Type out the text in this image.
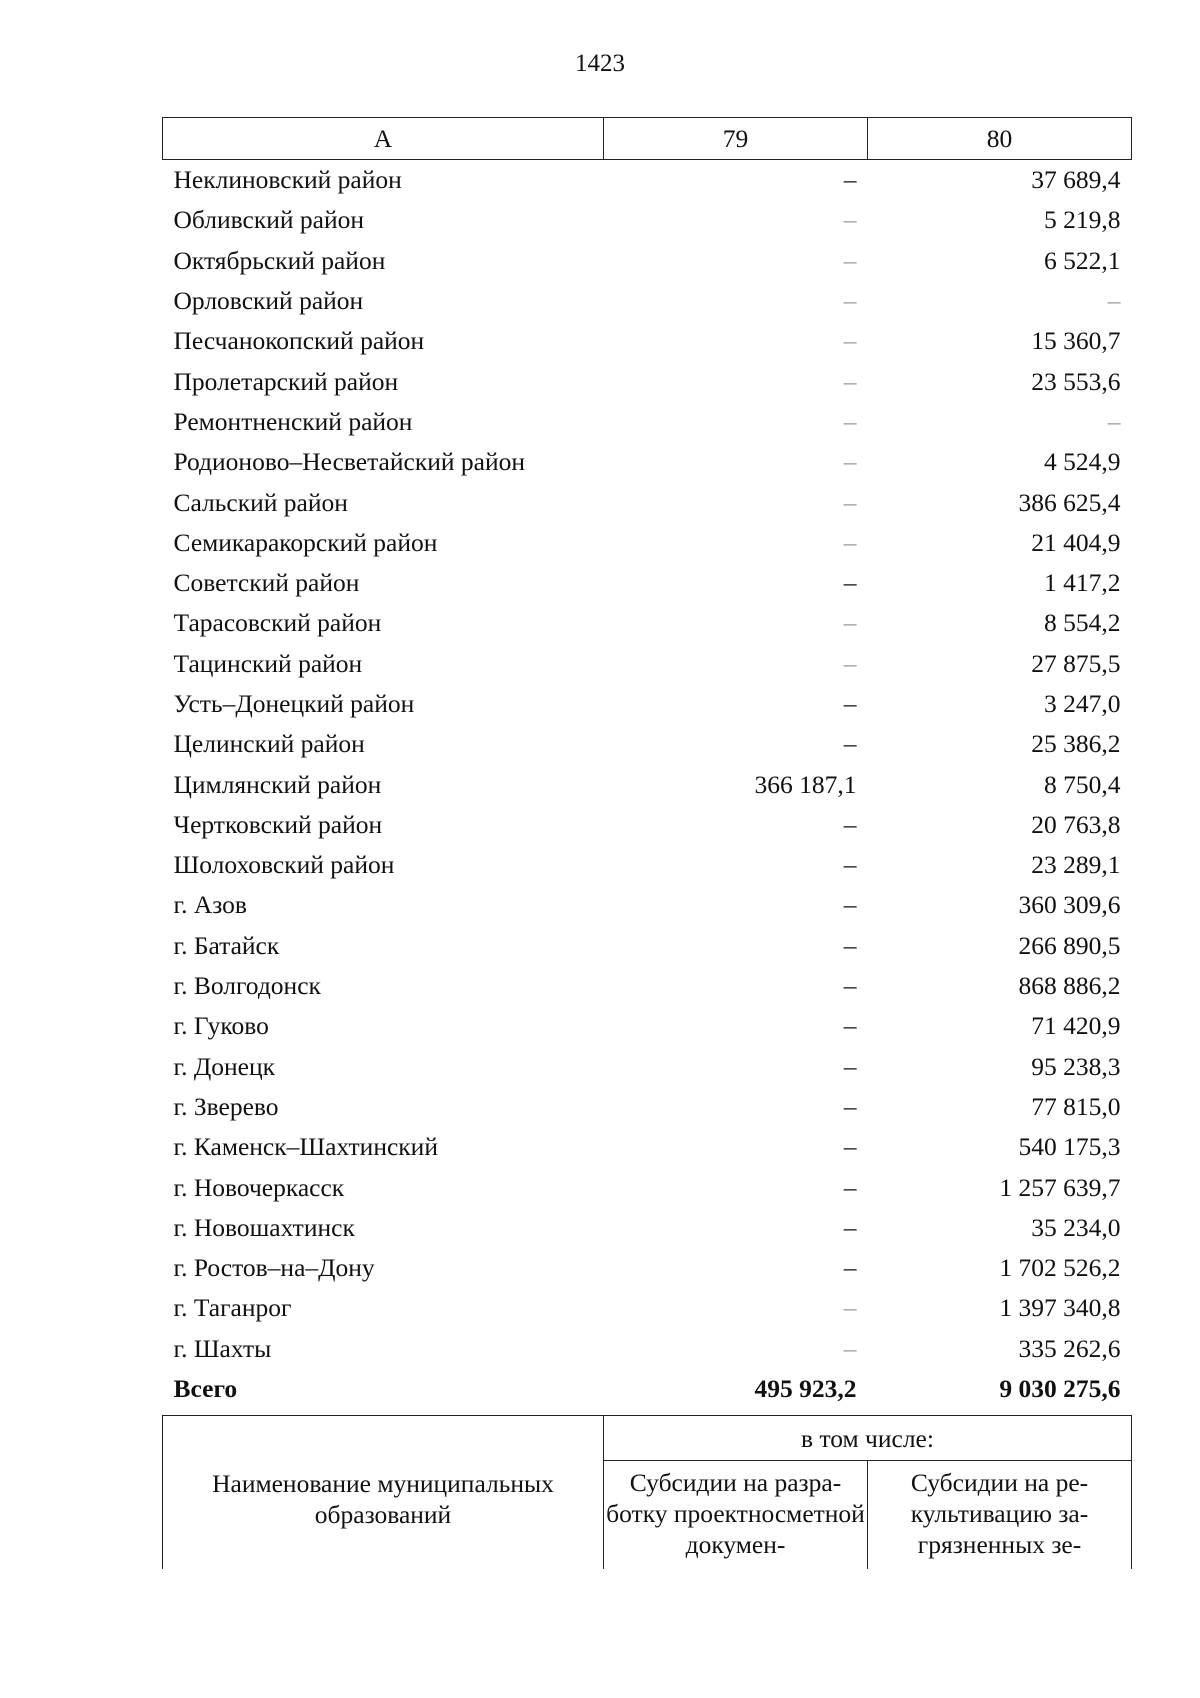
1423
А	79	80
Неклиновский район	–	37 689,4
Обливский район	–	5 219,8
Октябрьский район	–	6 522,1
Орловский район	–	–
Песчанокопский район	–	15 360,7
Пролетарский район	–	23 553,6
Ремонтненский район	–	–
Родионово–Несветайский район	–	4 524,9
Сальский район	–	386 625,4
Семикаракорский район	–	21 404,9
Советский район	–	1 417,2
Тарасовский район	–	8 554,2
Тацинский район	–	27 875,5
Усть–Донецкий район	–	3 247,0
Целинский район	–	25 386,2
Цимлянский район	366 187,1	8 750,4
Чертковский район	–	20 763,8
Шолоховский район	–	23 289,1
г. Азов	–	360 309,6
г. Батайск	–	266 890,5
г. Волгодонск	–	868 886,2
г. Гуково	–	71 420,9
г. Донецк	–	95 238,3
г. Зверево	–	77 815,0
г. Каменск–Шахтинский	–	540 175,3
г. Новочеркасск	–	1 257 639,7
г. Новошахтинск	–	35 234,0
г. Ростов–на–Дону	–	1 702 526,2
г. Таганрог	–	1 397 340,8
г. Шахты	–	335 262,6
Всего	495 923,2	9 030 275,6
Наименование муниципальных образований	в том числе:	
	Субсидии на разработку проектносметной докумен-	Субсидии на рекультивацию загрязненных зе-
